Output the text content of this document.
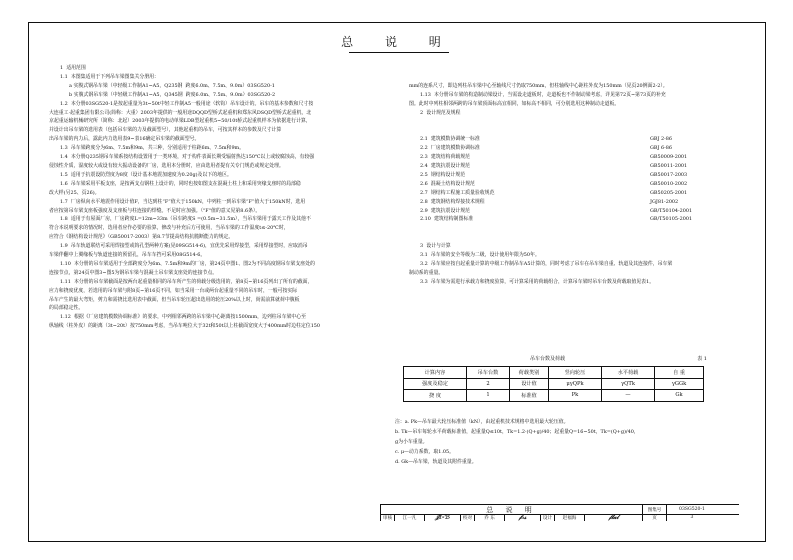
总 说 明
1  适用范围
1.1  本图集适用于下列吊车梁图集关分册用：
a 实腹式钢吊车梁（中轻级工作制A1~A5，Q235钢  跨度6.0m、7.5m、9.0m）03SG520-1
b 实腹式钢吊车梁（中轻级工作制A1~A5，Q345钢  跨度6.0m、7.5m、9.0m）03SG520-2
1.2  本分册03SG520-1是按起重量为3t~50t中轻工作制A5一般用途（软钩）吊车设计的。吊车的基本参数和尺寸按
大连重工·起重集团有限公司(简称：大重）2003年提供的一般用途DQQD型桥式起重机和郑东风DSQD型桥式起重机，北
京起重运输机械研究所（简称：北起）2003年提供的电动单梁LDB型起重机5~50/10t桥式起重机样本为依据进行计算，
并设计出吊车梁的选用表（包括吊车梁的力及截面型号），其他起重机的吊车，可按其样本的参数及尺寸计算
出吊车梁的内力后，露此内力选用表9~表16确定吊车梁的截面型号。
1.3  吊车梁跨度分为6m、7.5m和9m，共三种，分别适用于柱距6m、7.5m和9m。
1.4  本分册Q235钢吊车梁系按结构设置用于一类环境，对于构件表面长期受辐射热达150℃以上或较腐蚀高，有较强
侵蚀性介质，湿度较大或设有较大振动设备的厂房，选用本分册时，应由选用者提有关专门规范或规定处理。
1.5  适用于抗震设防烈度为8度（设计基本地震加速度为0.20g)及以下的地区。
1.6  吊车梁采用平板支座，是按两支点钢柱上设计的，同时也按如图支在混凝土柱上和采用突缘支座时的局部稳
改大样(另25、页26)。
1.7  厂房纵向水平地震作用设计值F，当达到柱“F”值大于150kN，中列柱一到吊车梁“F”值大于150kN时，选用
者应按第吊车梁支座板强度及支座板与柱连接的焊缝。不足时应加强。（"F"值的意义见第8.6条）。
1.8  适用于有屋面厂房，厂房跨度L=12m~33m（吊车跨度S =(0.5m~31.5m），当吊车梁用于露天工作及其他不
符合本说明要求的情况时，选用者应作必要的验算，修改与补充后方可使用，当吊车梁的工作温度t≤-20℃时，
应符合《钢结构设计规范》（GB50017-2003）第8.7节提高结构抗脆断能力的规定。
1.9  吊车轨道联结可采用焊接型或钩孔型两种方案(见09SG514-6)，宜优先采用焊接型，采用焊接型时，应取消吊
车梁伴翻中上翼缘板与轨道连接的预留孔，吊车车挡可采用08G514-6。
1.10  本分册的吊车梁适用于全部跨度分为6m、7.5m和9m的厂房，第24页中图1、图2为不同高度钢吊车梁支座处的
连接节点，第24页中图3~图5为钢吊车梁与混凝土吊车梁支座处的连接节点。
1.11  本分册的吊车梁截面是按两台起重量相同的吊车所产生的荷载分级选用的，第8页~第16页列出了所有的截面，
应力和挠度优度，若选用的吊车梁与附8页~第16页不同，如当采用一台或两台起重量不同的吊车时，一般可按实际
吊车产生的最大弯矩，剪力和需挠比选用表中截面，但当吊车轮压超出选用的轮压20%以上时，尚需前算就荷中腹板
的局部稳定性。
1.12  根据《厂房建筑模数协调标准》的要求，中列相邻两跨的吊车梁中心距离按1500mm，边列柱吊车梁中心至
纵轴线（柱外皮）的距离（3t~20t）按750mm考虑，当吊车吨位大于32t和50t以上柱截面宽度大于400mm时边柱定位150

mm的连系尺寸，即边列柱吊车梁中心至轴线尺寸仍取750mm，但柱轴线中心距柱外皮为150mm（见页20例面2-2）。
1.13  本分册吊车梁的构造制动梁设计，当需设走道板时，走道板也不作制动梁考虑，详见第72页~第73页的补充
图。此时中列柱相邻两跨的吊车梁顶面标高宜相同，如标高不相同，可分别选用这种制动走道板。
2  设计规范及规程

2.1  建筑模数协调统一标准	GBJ 2-86
2.2  厂房建筑模数协调标准	GBJ 6-86
2.3  建筑结构荷载规范	GB50009-2001
2.4  建筑抗震设计规范	GB50011-2001
2.5  钢结构设计规范	GB50017-2003
2.6  混凝土结构设计规范	GB50010-2002
2.7  钢结构工程施工质量验收规范	GB50205-2001
2.8  建筑钢结构焊接技术规程	JGJ81-2002
2.9  建筑抗震设计规范	GB/T50104-2001
2.10  建筑结构制图标准	GB/T50105-2001

3  设计与计算
3.1  吊车梁的安全等级为二级，设计使用年限为50年。
3.2  吊车梁应按自起重量计算的中级工作制吊车A5计算的，同时考虑了吊车在吊车梁自重、轨道及其连接件，吊车梁
制动系的重量。
3.3  吊车梁为需进行承载力和挠度验算，可计算采用的荷载组合，计算吊车梁时吊车台数及荷载取值见表1。

吊车台数及荷载	表 1
计算内容	吊车台数	荷载类别	竖向轮压	水平荷载	自 重
强度及稳定	2	设计值	μγQPk	γQTk	γGGk
挠 度	1	标准值	Pk	—	Gk
注：a. Pk—吊车最大轮压标准值（kN），由起重机技术规格中选用最大轮压值。
b. Tk—吊车每轮水平荷载标准值，起重量Q≤10t，Tk=1.2·(Q+g)/40；起重量Q=16~50t，Tk=(Q+g)/40，
g为小车重量。
c. μ—动力系数，取1.05。
d. Gk—吊车梁，轨道及其附件重量。
总 说 明	图集号	03SG520-1
审核	江一凡	𝒥ℓ-ℬ	校对	乔 东	𝒻ℴ𝓈	设计	赵福海	𝒻𝓁𝒶𝓁	页	3
